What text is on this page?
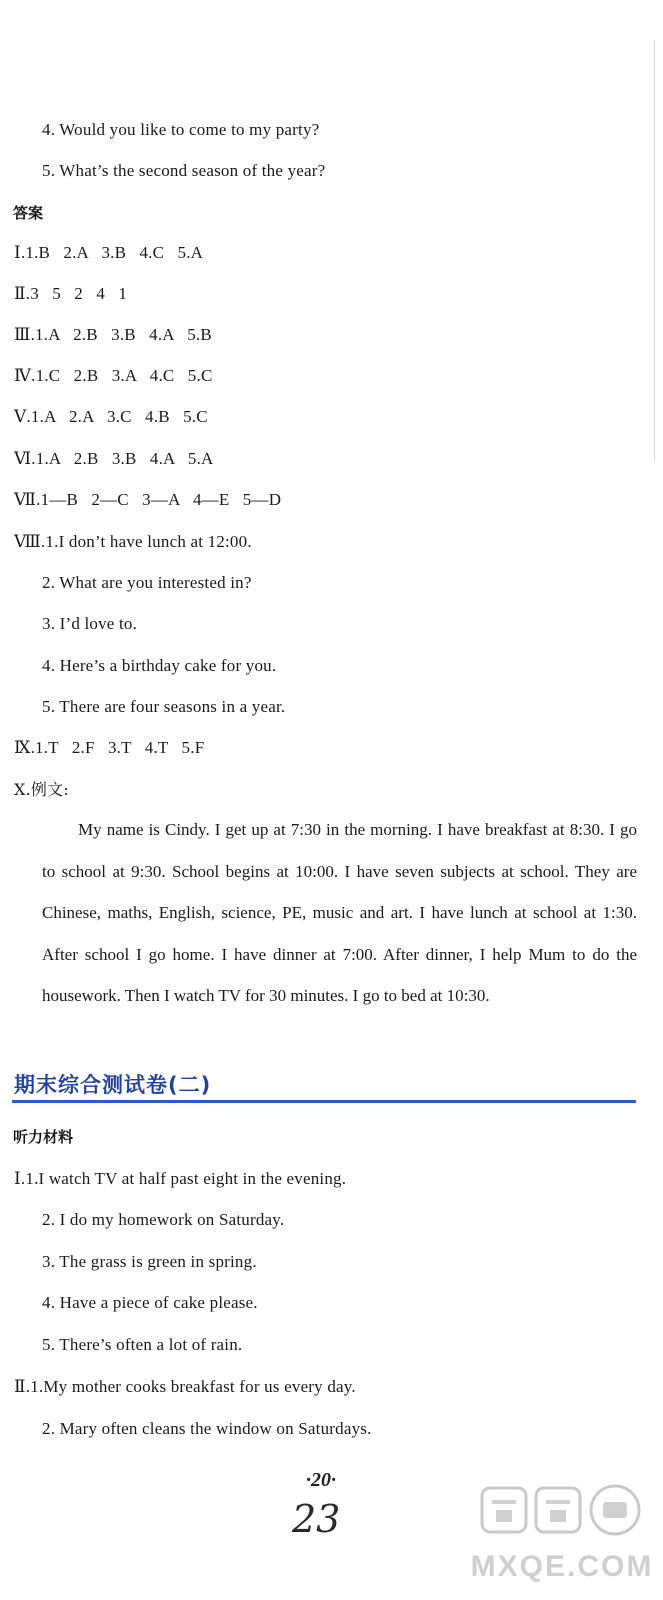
4. Would you like to come to my party?
5. What’s the second season of the year?
答案
Ⅰ.1.B   2.A   3.B   4.C   5.A
Ⅱ.3   5   2   4   1
Ⅲ.1.A   2.B   3.B   4.A   5.B
Ⅳ.1.C   2.B   3.A   4.C   5.C
Ⅴ.1.A   2.A   3.C   4.B   5.C
Ⅵ.1.A   2.B   3.B   4.A   5.A
Ⅶ.1—B   2—C   3—A   4—E   5—D
Ⅷ.1.I don’t have lunch at 12:00.
2. What are you interested in?
3. I’d love to.
4. Here’s a birthday cake for you.
5. There are four seasons in a year.
Ⅸ.1.T   2.F   3.T   4.T   5.F
Ⅹ.例文:
My name is Cindy. I get up at 7:30 in the morning. I have breakfast at 8:30. I go to school at 9:30. School begins at 10:00. I have seven subjects at school. They are Chinese, maths, English, science, PE, music and art. I have lunch at school at 1:30. After school I go home. I have dinner at 7:00. After dinner, I help Mum to do the housework. Then I watch TV for 30 minutes. I go to bed at 10:30.
期末综合测试卷(二)
听力材料
Ⅰ.1.I watch TV at half past eight in the evening.
2. I do my homework on Saturday.
3. The grass is green in spring.
4. Have a piece of cake please.
5. There’s often a lot of rain.
Ⅱ.1.My mother cooks breakfast for us every day.
2. Mary often cleans the window on Saturdays.
·20·
23
MXQE.COM
